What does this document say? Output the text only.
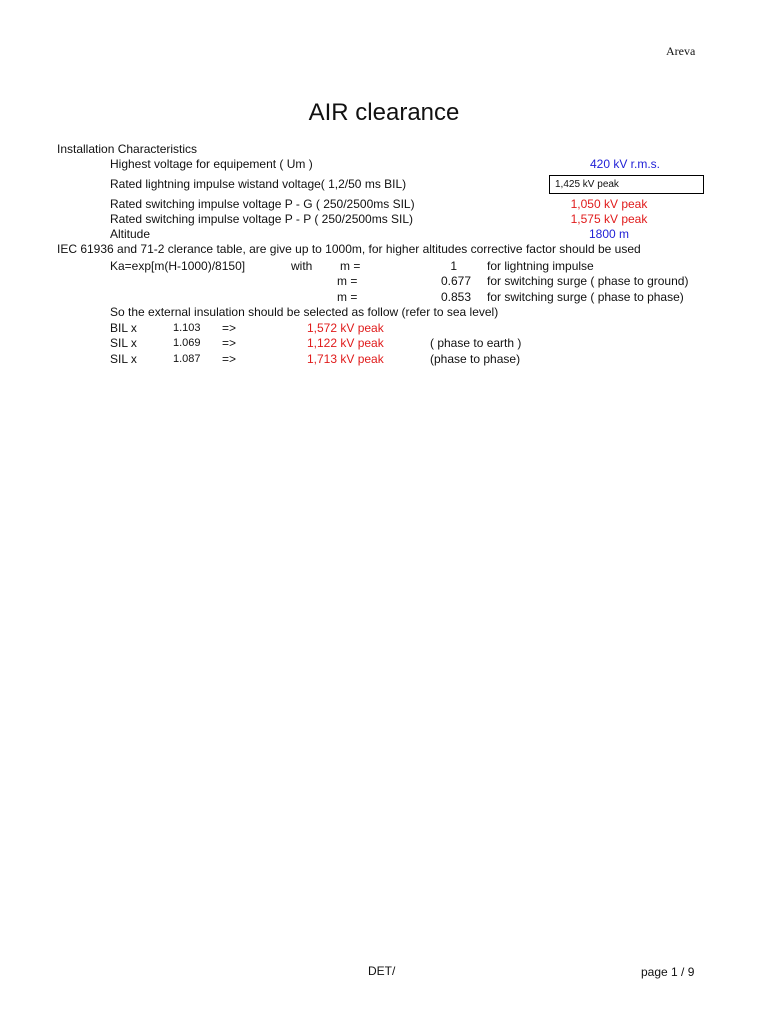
Areva
AIR clearance
Installation Characteristics
Highest voltage for equipement ( Um )	420 kV r.m.s.
Rated lightning impulse wistand voltage( 1,2/50 ms BIL)	1,425 kV peak
Rated switching impulse voltage P - G ( 250/2500ms SIL)	1,050 kV peak
Rated switching impulse voltage P - P ( 250/2500ms SIL)	1,575 kV peak
Altitude	1800 m
IEC 61936 and 71-2 clerance table, are give up to 1000m, for higher altitudes corrective factor should be used
Ka=exp[m(H-1000)/8150]	with m =	1	for lightning impulse
m =	0.677 for switching surge ( phase to ground)
m =	0.853 for switching surge ( phase to phase)
So the external insulation should be selected as follow (refer to sea level)
BIL x	1.103 =>	1,572 kV peak
SIL x	1.069 =>	1,122 kV peak	( phase to earth )
SIL x	1.087 =>	1,713 kV peak	(phase to phase)
DET/	page 1 / 9
